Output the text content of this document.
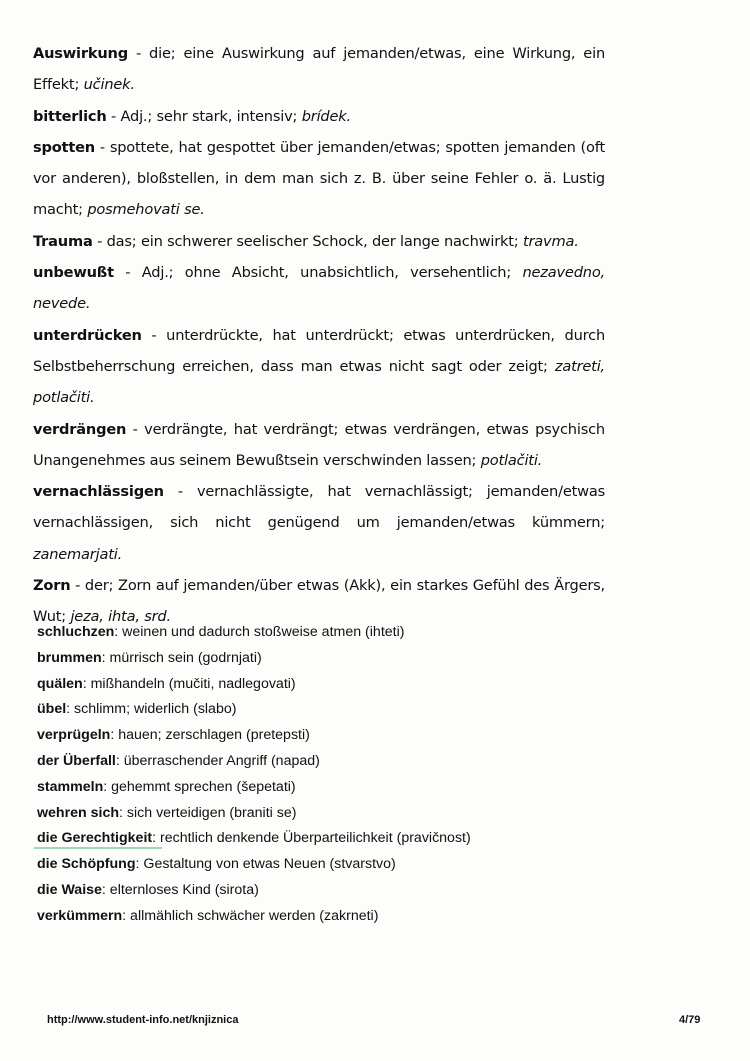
Auswirkung - die; eine Auswirkung auf jemanden/etwas, eine Wirkung, ein Effekt; učinek.

bitterlich - Adj.; sehr stark, intensiv; brídek.

spotten - spottete, hat gespottet über jemanden/etwas; spotten jemanden (oft vor anderen), bloßstellen, in dem man sich z. B. über seine Fehler o. ä. Lustig macht; posmehovati se.

Trauma - das; ein schwerer seelischer Schock, der lange nachwirkt; travma.

unbewußt - Adj.; ohne Absicht, unabsichtlich, versehentlich; nezavedno, nevede.

unterdrücken - unterdrückte, hat unterdrückt; etwas unterdrücken, durch Selbstbeherrschung erreichen, dass man etwas nicht sagt oder zeigt; zatreti, potlačiti.

verdrängen - verdrängte, hat verdrängt; etwas verdrängen, etwas psychisch Unangenehmes aus seinem Bewußtsein verschwinden lassen; potlačiti.

vernachlässigen - vernachlässigte, hat vernachlässigt; jemanden/etwas vernachlässigen, sich nicht genügend um jemanden/etwas kümmern; zanemarjati.

Zorn - der; Zorn auf jemanden/über etwas (Akk), ein starkes Gefühl des Ärgers, Wut; jeza, ihta, srd.

schluchzen: weinen und dadurch stoßweise atmen (ihteti)
brummen: mürrisch sein (godrnjati)
quälen: mißhandeln (mučiti, nadlegovati)
übel: schlimm; widerlich (slabo)
verprügeln: hauen; zerschlagen (pretepsti)
der Überfall: überraschender Angriff (napad)
stammeln: gehemmt sprechen (šepetati)
wehren sich: sich verteidigen (braniti se)
die Gerechtigkeit: rechtlich denkende Überparteilichkeit (pravičnost)
die Schöpfung: Gestaltung von etwas Neuen (stvarstvo)
die Waise: elternloses Kind (sirota)
verkümmern: allmählich schwächer werden (zakrneti)
http://www.student-info.net/knjiznica	4/79
